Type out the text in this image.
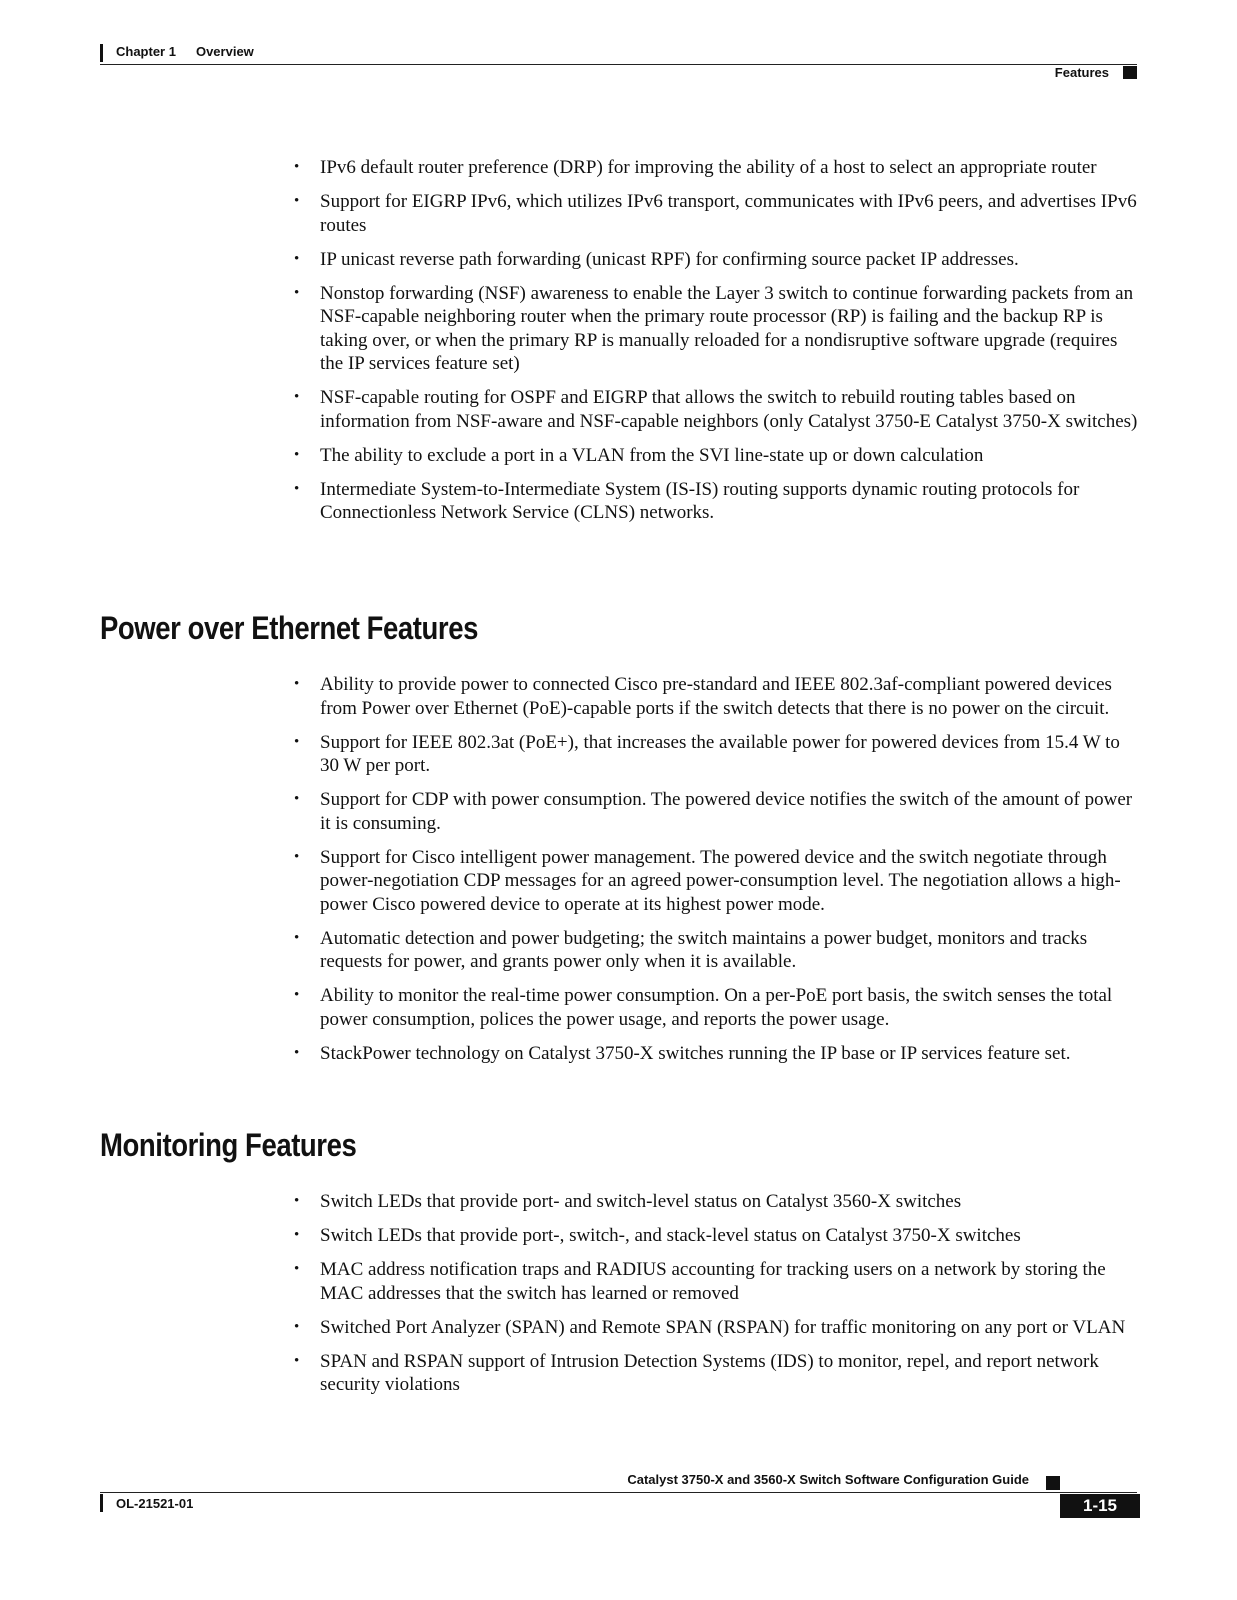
Chapter 1 Overview
Features
• IPv6 default router preference (DRP) for improving the ability of a host to select an appropriate router
• Support for EIGRP IPv6, which utilizes IPv6 transport, communicates with IPv6 peers, and advertises IPv6 routes
• IP unicast reverse path forwarding (unicast RPF) for confirming source packet IP addresses.
• Nonstop forwarding (NSF) awareness to enable the Layer 3 switch to continue forwarding packets from an NSF-capable neighboring router when the primary route processor (RP) is failing and the backup RP is taking over, or when the primary RP is manually reloaded for a nondisruptive software upgrade (requires the IP services feature set)
• NSF-capable routing for OSPF and EIGRP that allows the switch to rebuild routing tables based on information from NSF-aware and NSF-capable neighbors (only Catalyst 3750-E Catalyst 3750-X switches)
• The ability to exclude a port in a VLAN from the SVI line-state up or down calculation
• Intermediate System-to-Intermediate System (IS-IS) routing supports dynamic routing protocols for Connectionless Network Service (CLNS) networks.
Power over Ethernet Features
• Ability to provide power to connected Cisco pre-standard and IEEE 802.3af-compliant powered devices from Power over Ethernet (PoE)-capable ports if the switch detects that there is no power on the circuit.
• Support for IEEE 802.3at (PoE+), that increases the available power for powered devices from 15.4 W to 30 W per port.
• Support for CDP with power consumption. The powered device notifies the switch of the amount of power it is consuming.
• Support for Cisco intelligent power management. The powered device and the switch negotiate through power-negotiation CDP messages for an agreed power-consumption level. The negotiation allows a high-power Cisco powered device to operate at its highest power mode.
• Automatic detection and power budgeting; the switch maintains a power budget, monitors and tracks requests for power, and grants power only when it is available.
• Ability to monitor the real-time power consumption. On a per-PoE port basis, the switch senses the total power consumption, polices the power usage, and reports the power usage.
• StackPower technology on Catalyst 3750-X switches running the IP base or IP services feature set.
Monitoring Features
• Switch LEDs that provide port- and switch-level status on Catalyst 3560-X switches
• Switch LEDs that provide port-, switch-, and stack-level status on Catalyst 3750-X switches
• MAC address notification traps and RADIUS accounting for tracking users on a network by storing the MAC addresses that the switch has learned or removed
• Switched Port Analyzer (SPAN) and Remote SPAN (RSPAN) for traffic monitoring on any port or VLAN
• SPAN and RSPAN support of Intrusion Detection Systems (IDS) to monitor, repel, and report network security violations
Catalyst 3750-X and 3560-X Switch Software Configuration Guide
OL-21521-01	1-15
